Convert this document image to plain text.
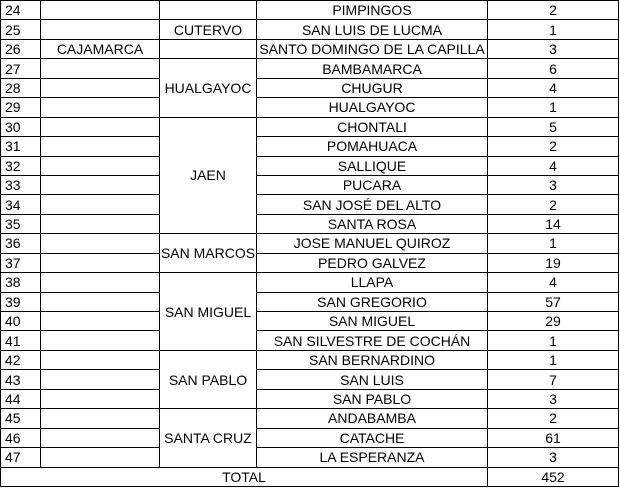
24			PIMPINGOS	2
25		CUTERVO	SAN LUIS DE LUCMA	1
26	CAJAMARCA		SANTO DOMINGO DE LA CAPILLA	3
27		HUALGAYOC	BAMBAMARCA	6
28			CHUGUR	4
29			HUALGAYOC	1
30		JAEN	CHONTALI	5
31			POMAHUACA	2
32			SALLIQUE	4
33			PUCARA	3
34			SAN JOSÉ DEL ALTO	2
35			SANTA ROSA	14
36		SAN MARCOS	JOSE MANUEL QUIROZ	1
37			PEDRO GALVEZ	19
38		SAN MIGUEL	LLAPA	4
39			SAN GREGORIO	57
40			SAN MIGUEL	29
41			SAN SILVESTRE DE COCHÁN	1
42		SAN PABLO	SAN BERNARDINO	1
43			SAN LUIS	7
44			SAN PABLO	3
45		SANTA CRUZ	ANDABAMBA	2
46			CATACHE	61
47			LA ESPERANZA	3
TOTAL				452
